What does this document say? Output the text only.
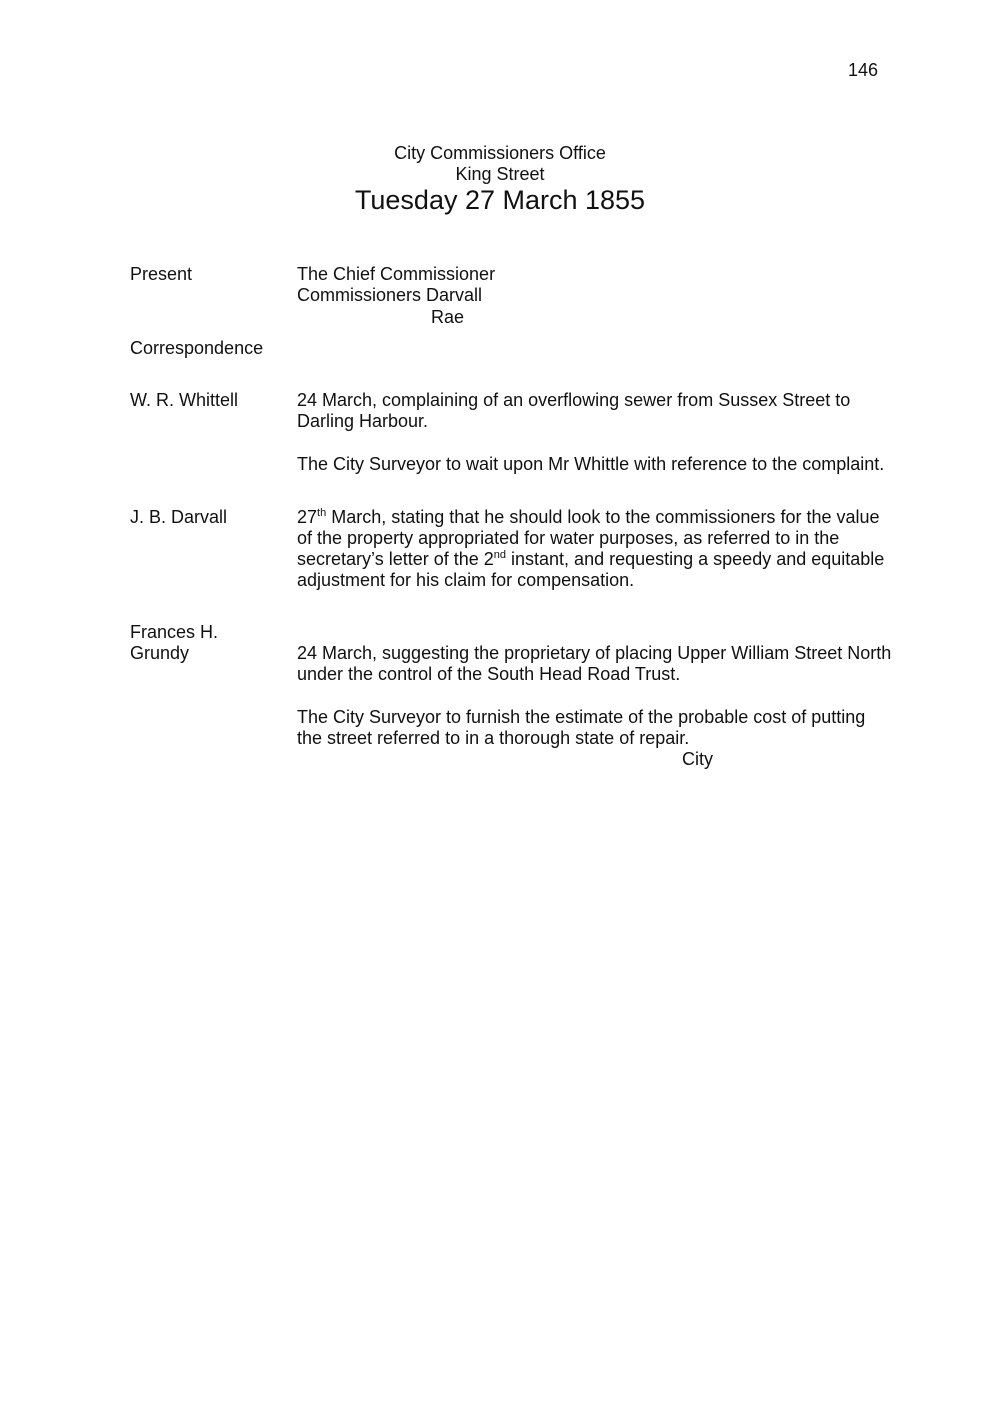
146
City Commissioners Office
King Street
Tuesday 27 March 1855
Present	The Chief Commissioner
Commissioners Darvall
Rae
Correspondence
W. R. Whittell	24 March, complaining of an overflowing sewer from Sussex Street to
Darling Harbour.
The City Surveyor to wait upon Mr Whittle with reference to the complaint.
J. B. Darvall	27th March, stating that he should look to the commissioners for the value
of the property appropriated for water purposes, as referred to in the
secretary’s letter of the 2nd instant, and requesting a speedy and equitable
adjustment for his claim for compensation.
Frances H.
Grundy	24 March, suggesting the proprietary of placing Upper William Street North
under the control of the South Head Road Trust.
The City Surveyor to furnish the estimate of the probable cost of putting
the street referred to in a thorough state of repair.
City
